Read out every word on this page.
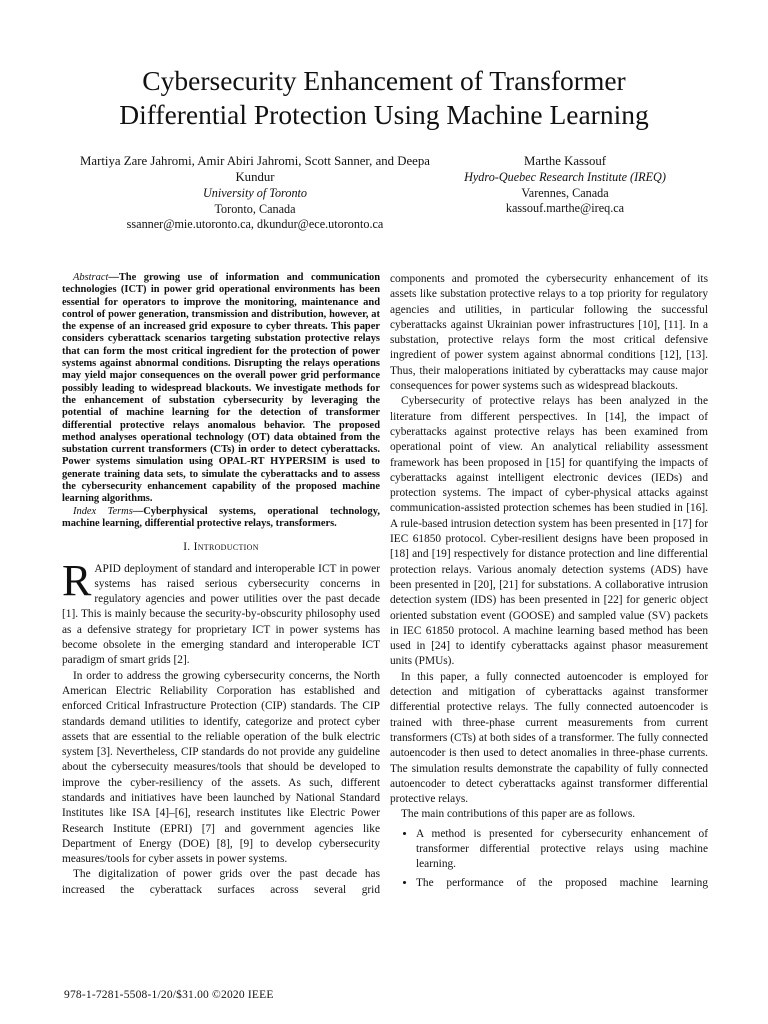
Cybersecurity Enhancement of Transformer
Differential Protection Using Machine Learning
Martiya Zare Jahromi, Amir Abiri Jahromi, Scott Sanner, and Deepa Kundur
University of Toronto
Toronto, Canada
ssanner@mie.utoronto.ca, dkundur@ece.utoronto.ca
Marthe Kassouf
Hydro-Quebec Research Institute (IREQ)
Varennes, Canada
kassouf.marthe@ireq.ca

Abstract—The growing use of information and communication technologies (ICT) in power grid operational environments has been essential for operators to improve the monitoring, maintenance and control of power generation, transmission and distribution, however, at the expense of an increased grid exposure to cyber threats. This paper considers cyberattack scenarios targeting substation protective relays that can form the most critical ingredient for the protection of power systems against abnormal conditions. Disrupting the relays operations may yield major consequences on the overall power grid performance possibly leading to widespread blackouts. We investigate methods for the enhancement of substation cybersecurity by leveraging the potential of machine learning for the detection of transformer differential protective relays anomalous behavior. The proposed method analyses operational technology (OT) data obtained from the substation current transformers (CTs) in order to detect cyberattacks. Power systems simulation using OPAL-RT HYPERSIM is used to generate training data sets, to simulate the cyberattacks and to assess the cybersecurity enhancement capability of the proposed machine learning algorithms.

Index Terms—Cyberphysical systems, operational technology, machine learning, differential protective relays, transformers.

I. Introduction

RAPID deployment of standard and interoperable ICT in power systems has raised serious cybersecurity concerns in regulatory agencies and power utilities over the past decade [1]. This is mainly because the security-by-obscurity philosophy used as a defensive strategy for proprietary ICT in power systems has become obsolete in the emerging standard and interoperable ICT paradigm of smart grids [2].

In order to address the growing cybersecurity concerns, the North American Electric Reliability Corporation has established and enforced Critical Infrastructure Protection (CIP) standards. The CIP standards demand utilities to identify, categorize and protect cyber assets that are essential to the reliable operation of the bulk electric system [3]. Nevertheless, CIP standards do not provide any guideline about the cybersecuity measures/tools that should be developed to improve the cyber-resiliency of the assets. As such, different standards and initiatives have been launched by National Standard Institutes like ISA [4]–[6], research institutes like Electric Power Research Institute (EPRI) [7] and government agencies like Department of Energy (DOE) [8], [9] to develop cybersecurity measures/tools for cyber assets in power systems.

The digitalization of power grids over the past decade has increased the cyberattack surfaces across several grid

components and promoted the cybersecurity enhancement of its assets like substation protective relays to a top priority for regulatory agencies and utilities, in particular following the successful cyberattacks against Ukrainian power infrastructures [10], [11]. In a substation, protective relays form the most critical defensive ingredient of power system against abnormal conditions [12], [13]. Thus, their maloperations initiated by cyberattacks may cause major consequences for power systems such as widespread blackouts.

Cybersecurity of protective relays has been analyzed in the literature from different perspectives. In [14], the impact of cyberattacks against protective relays has been examined from operational point of view. An analytical reliability assessment framework has been proposed in [15] for quantifying the impacts of cyberattacks against intelligent electronic devices (IEDs) and protection systems. The impact of cyber-physical attacks against communication-assisted protection schemes has been studied in [16]. A rule-based intrusion detection system has been presented in [17] for IEC 61850 protocol. Cyber-resilient designs have been proposed in [18] and [19] respectively for distance protection and line differential protection relays. Various anomaly detection systems (ADS) have been presented in [20], [21] for substations. A collaborative intrusion detection system (IDS) has been presented in [22] for generic object oriented substation event (GOOSE) and sampled value (SV) packets in IEC 61850 protocol. A machine learning based method has been used in [24] to identify cyberattacks against phasor measurement units (PMUs).

In this paper, a fully connected autoencoder is employed for detection and mitigation of cyberattacks against transformer differential protective relays. The fully connected autoencoder is trained with three-phase current measurements from current transformers (CTs) at both sides of a transformer. The fully connected autoencoder is then used to detect anomalies in three-phase currents. The simulation results demonstrate the capability of fully connected autoencoder to detect cyberattacks against transformer differential protective relays.

The main contributions of this paper are as follows.

• A method is presented for cybersecurity enhancement of transformer differential protective relays using machine learning.
• The performance of the proposed machine learning
978-1-7281-5508-1/20/$31.00 ©2020 IEEE
